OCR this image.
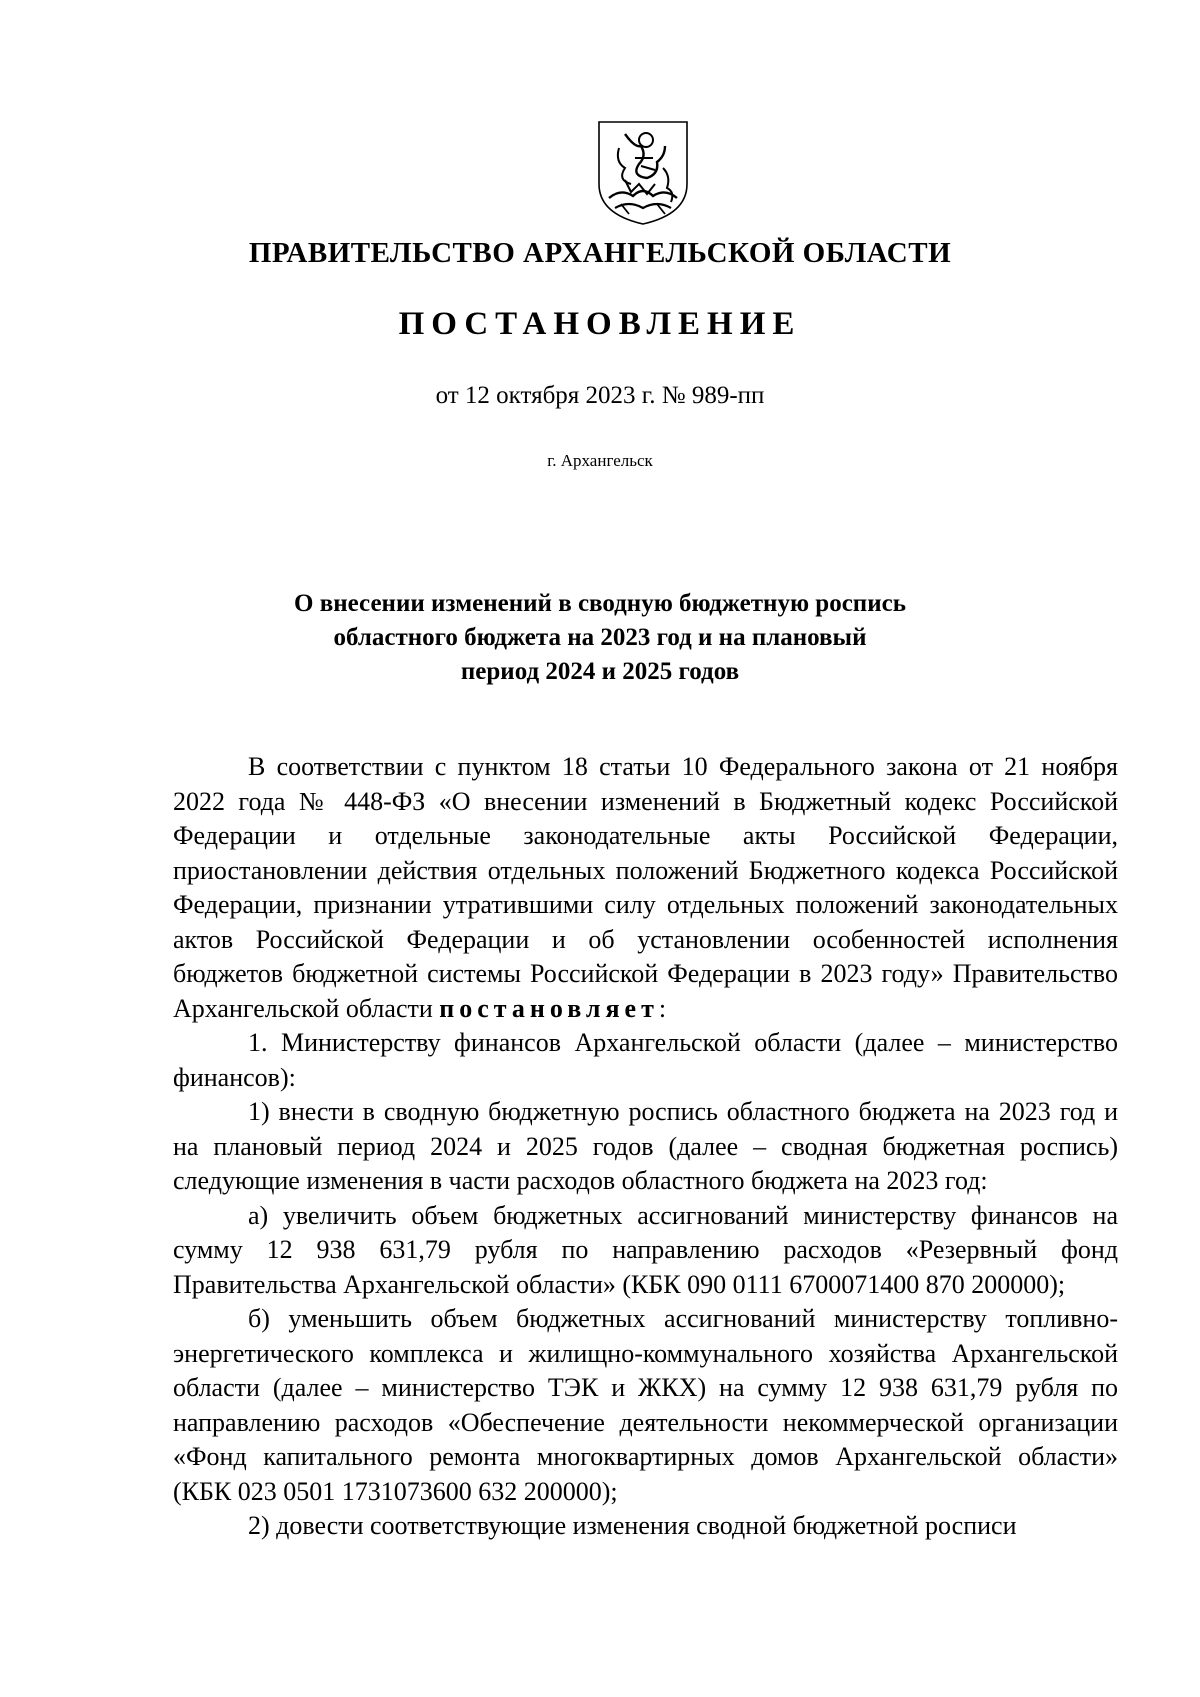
ПРАВИТЕЛЬСТВО АРХАНГЕЛЬСКОЙ ОБЛАСТИ
ПОСТАНОВЛЕНИЕ
от 12 октября 2023 г. № 989-пп
г. Архангельск
О внесении изменений в сводную бюджетную роспись
областного бюджета на 2023 год и на плановый
период 2024 и 2025 годов

В соответствии с пунктом 18 статьи 10 Федерального закона от 21 ноября 2022 года № 448-ФЗ «О внесении изменений в Бюджетный кодекс Российской Федерации и отдельные законодательные акты Российской Федерации, приостановлении действия отдельных положений Бюджетного кодекса Российской Федерации, признании утратившими силу отдельных положений законодательных актов Российской Федерации и об установлении особенностей исполнения бюджетов бюджетной системы Российской Федерации в 2023 году» Правительство Архангельской области постановляет:

1. Министерству финансов Архангельской области (далее – министерство финансов):

1) внести в сводную бюджетную роспись областного бюджета на 2023 год и на плановый период 2024 и 2025 годов (далее – сводная бюджетная роспись) следующие изменения в части расходов областного бюджета на 2023 год:

а) увеличить объем бюджетных ассигнований министерству финансов на сумму 12 938 631,79 рубля по направлению расходов «Резервный фонд Правительства Архангельской области» (КБК 090 0111 6700071400 870 200000);

б) уменьшить объем бюджетных ассигнований министерству топливно-энергетического комплекса и жилищно-коммунального хозяйства Архангельской области (далее – министерство ТЭК и ЖКХ) на сумму 12 938 631,79 рубля по направлению расходов «Обеспечение деятельности некоммерческой организации «Фонд капитального ремонта многоквартирных домов Архангельской области» (КБК 023 0501 1731073600 632 200000);

2) довести соответствующие изменения сводной бюджетной росписи
